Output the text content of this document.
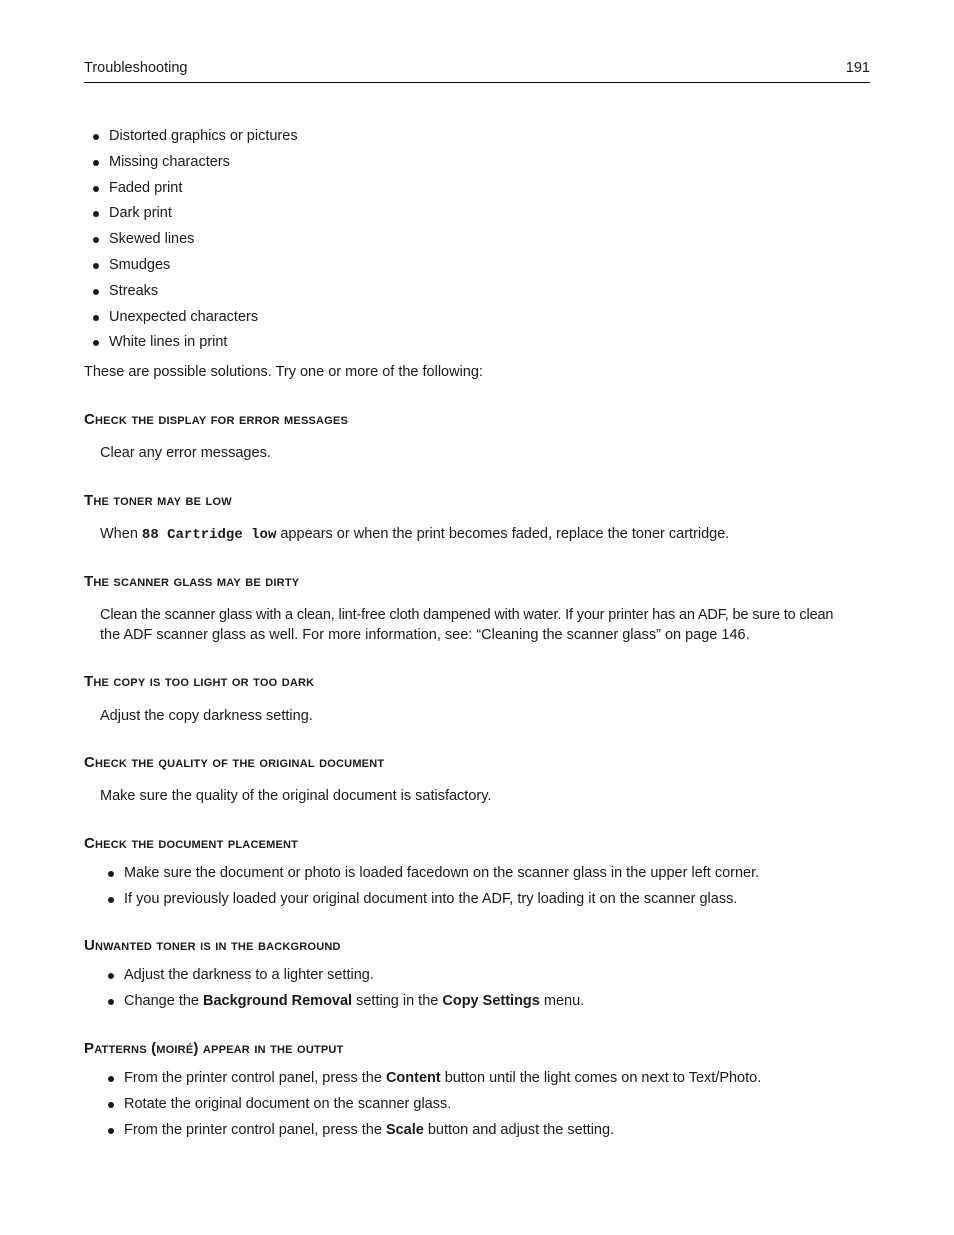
Troubleshooting	191
Distorted graphics or pictures
Missing characters
Faded print
Dark print
Skewed lines
Smudges
Streaks
Unexpected characters
White lines in print
These are possible solutions. Try one or more of the following:
Check the display for error messages
Clear any error messages.
The toner may be low
When 88 Cartridge low appears or when the print becomes faded, replace the toner cartridge.
The scanner glass may be dirty
Clean the scanner glass with a clean, lint-free cloth dampened with water. If your printer has an ADF, be sure to clean
the ADF scanner glass as well. For more information, see: “Cleaning the scanner glass” on page 146.
The copy is too light or too dark
Adjust the copy darkness setting.
Check the quality of the original document
Make sure the quality of the original document is satisfactory.
Check the document placement
Make sure the document or photo is loaded facedown on the scanner glass in the upper left corner.
If you previously loaded your original document into the ADF, try loading it on the scanner glass.
Unwanted toner is in the background
Adjust the darkness to a lighter setting.
Change the Background Removal setting in the Copy Settings menu.
Patterns (moiré) appear in the output
From the printer control panel, press the Content button until the light comes on next to Text/Photo.
Rotate the original document on the scanner glass.
From the printer control panel, press the Scale button and adjust the setting.
